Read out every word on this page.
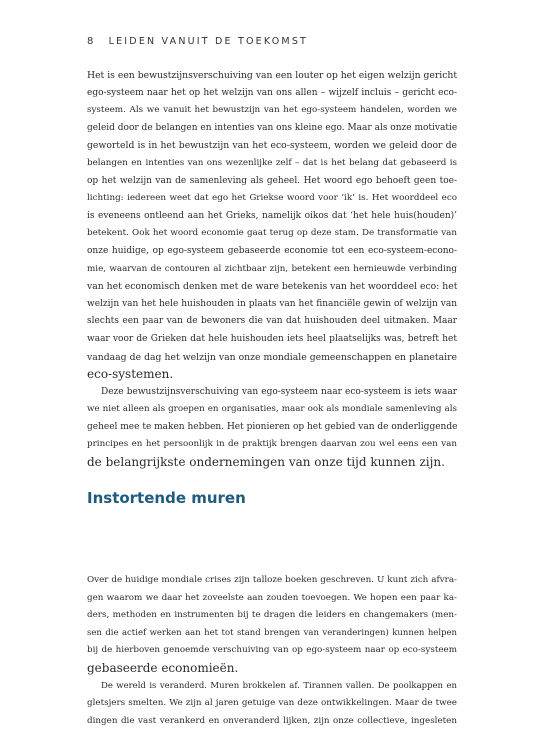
8 LEIDEN VANUIT DE TOEKOMST
Het is een bewustzijnsverschuiving van een louter op het eigen welzijn gericht
ego-systeem naar het op het welzijn van ons allen – wijzelf incluis – gericht eco-
systeem. Als we vanuit het bewustzijn van het ego-systeem handelen, worden we
geleid door de belangen en intenties van ons kleine ego. Maar als onze motivatie
geworteld is in het bewustzijn van het eco-systeem, worden we geleid door de
belangen en intenties van ons wezenlijke zelf – dat is het belang dat gebaseerd is
op het welzijn van de samenleving als geheel. Het woord ego behoeft geen toe-
lichting: iedereen weet dat ego het Griekse woord voor ‘ik’ is. Het woorddeel eco
is eveneens ontleend aan het Grieks, namelijk oikos dat ‘het hele huis(houden)’
betekent. Ook het woord economie gaat terug op deze stam. De transformatie van
onze huidige, op ego-systeem gebaseerde economie tot een eco-systeem-econo-
mie, waarvan de contouren al zichtbaar zijn, betekent een hernieuwde verbinding
van het economisch denken met de ware betekenis van het woorddeel eco: het
welzijn van het hele huishouden in plaats van het financiële gewin of welzijn van
slechts een paar van de bewoners die van dat huishouden deel uitmaken. Maar
waar voor de Grieken dat hele huishouden iets heel plaatselijks was, betreft het
vandaag de dag het welzijn van onze mondiale gemeenschappen en planetaire
eco-systemen.
Deze bewustzijnsverschuiving van ego-systeem naar eco-systeem is iets waar
we niet alleen als groepen en organisaties, maar ook als mondiale samenleving als
geheel mee te maken hebben. Het pionieren op het gebied van de onderliggende
principes en het persoonlijk in de praktijk brengen daarvan zou wel eens een van
de belangrijkste ondernemingen van onze tijd kunnen zijn.
Instortende muren
Over de huidige mondiale crises zijn talloze boeken geschreven. U kunt zich afvra-
gen waarom we daar het zoveelste aan zouden toevoegen. We hopen een paar ka-
ders, methoden en instrumenten bij te dragen die leiders en changemakers (men-
sen die actief werken aan het tot stand brengen van veranderingen) kunnen helpen
bij de hierboven genoemde verschuiving van op ego-systeem naar op eco-systeem
gebaseerde economieën.
De wereld is veranderd. Muren brokkelen af. Tirannen vallen. De poolkappen en
gletsjers smelten. We zijn al jaren getuige van deze ontwikkelingen. Maar de twee
dingen die vast verankerd en onveranderd lijken, zijn onze collectieve, ingesleten
